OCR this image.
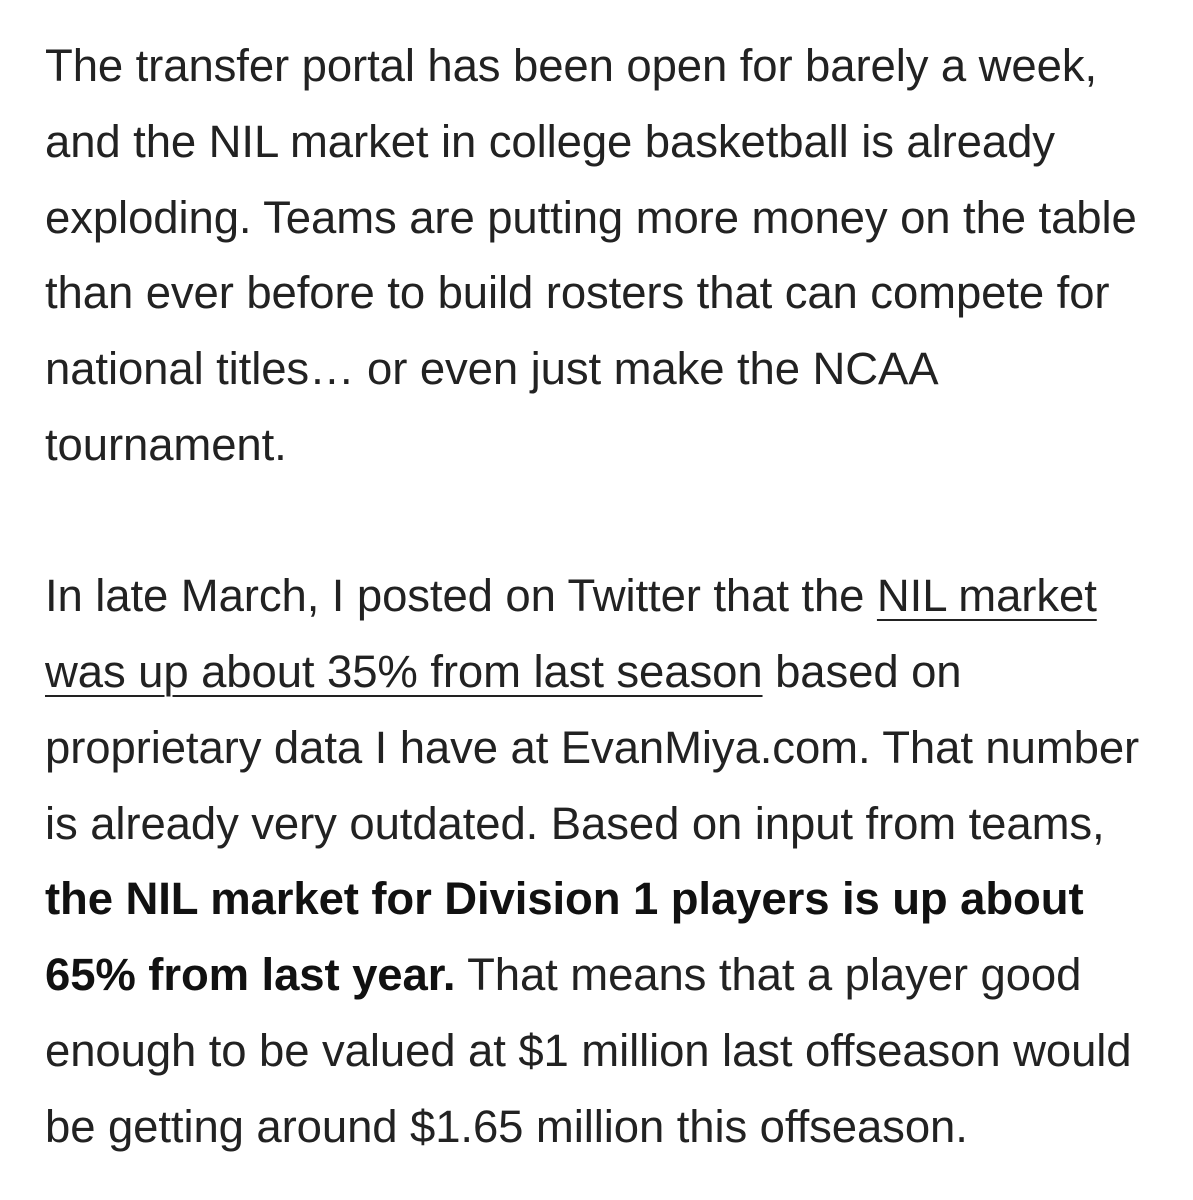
The transfer portal has been open for barely a week, and the NIL market in college basketball is already exploding. Teams are putting more money on the table than ever before to build rosters that can compete for national titles… or even just make the NCAA tournament.

In late March, I posted on Twitter that the NIL market was up about 35% from last season based on proprietary data I have at EvanMiya.com. That number is already very outdated. Based on input from teams, the NIL market for Division 1 players is up about 65% from last year. That means that a player good enough to be valued at $1 million last offseason would be getting around $1.65 million this offseason.
